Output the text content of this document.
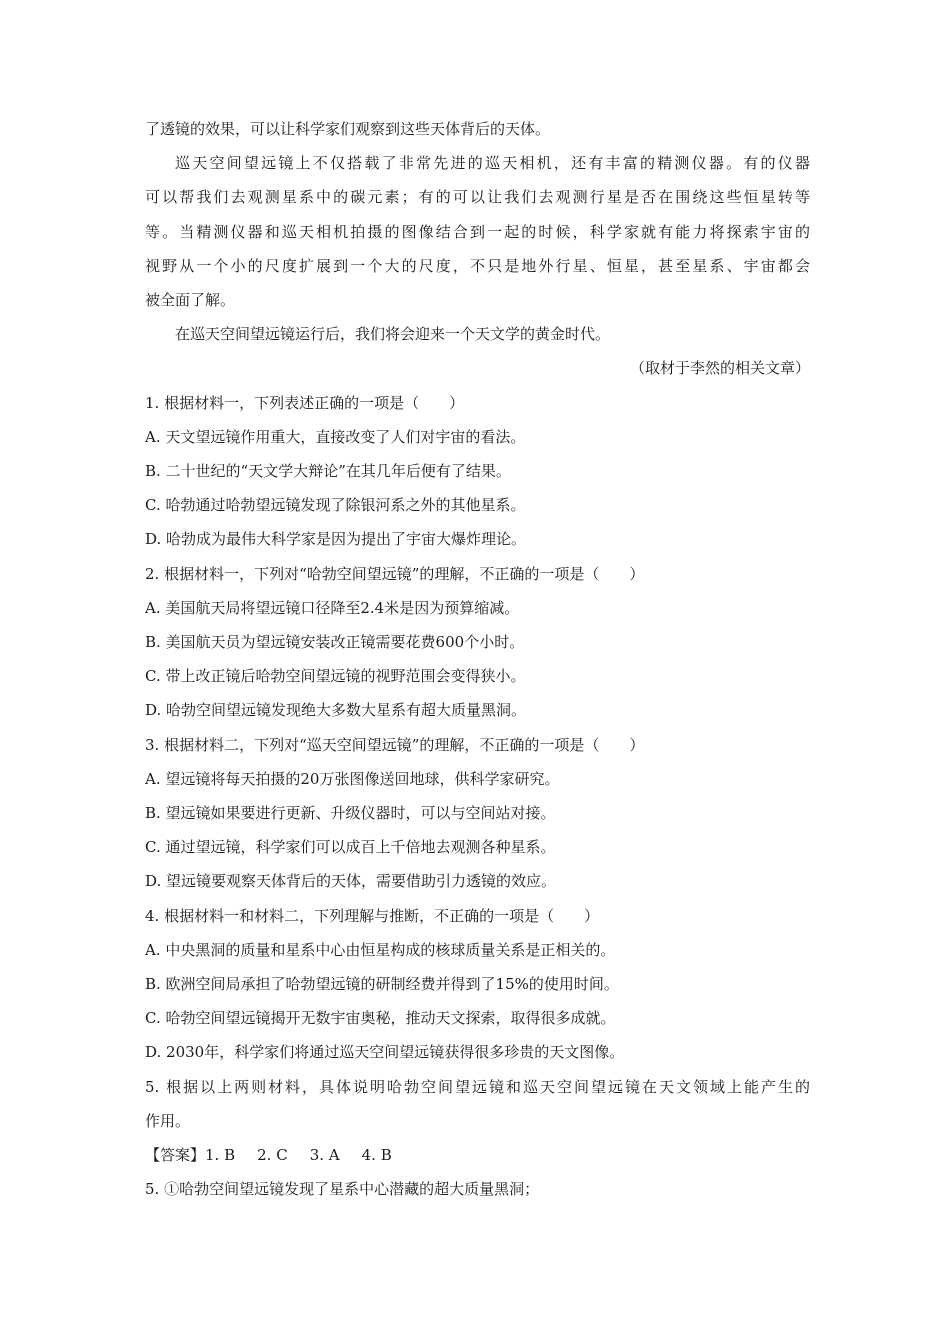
了透镜的效果，可以让科学家们观察到这些天体背后的天体。
巡天空间望远镜上不仅搭载了非常先进的巡天相机，还有丰富的精测仪器。有的仪器
可以帮我们去观测星系中的碳元素；有的可以让我们去观测行星是否在围绕这些恒星转等
等。当精测仪器和巡天相机拍摄的图像结合到一起的时候，科学家就有能力将探索宇宙的
视野从一个小的尺度扩展到一个大的尺度，不只是地外行星、恒星，甚至星系、宇宙都会
被全面了解。
在巡天空间望远镜运行后，我们将会迎来一个天文学的黄金时代。
（取材于李然的相关文章）
1. 根据材料一，下列表述正确的一项是（　　）
A. 天文望远镜作用重大，直接改变了人们对宇宙的看法。
B. 二十世纪的“天文学大辩论”在其几年后便有了结果。
C. 哈勃通过哈勃望远镜发现了除银河系之外的其他星系。
D. 哈勃成为最伟大科学家是因为提出了宇宙大爆炸理论。
2. 根据材料一，下列对“哈勃空间望远镜”的理解，不正确的一项是（　　）
A. 美国航天局将望远镜口径降至2.4米是因为预算缩减。
B. 美国航天员为望远镜安装改正镜需要花费600个小时。
C. 带上改正镜后哈勃空间望远镜的视野范围会变得狭小。
D. 哈勃空间望远镜发现绝大多数大星系有超大质量黑洞。
3. 根据材料二，下列对“巡天空间望远镜”的理解，不正确的一项是（　　）
A. 望远镜将每天拍摄的20万张图像送回地球，供科学家研究。
B. 望远镜如果要进行更新、升级仪器时，可以与空间站对接。
C. 通过望远镜，科学家们可以成百上千倍地去观测各种星系。
D. 望远镜要观察天体背后的天体，需要借助引力透镜的效应。
4. 根据材料一和材料二，下列理解与推断，不正确的一项是（　　）
A. 中央黑洞的质量和星系中心由恒星构成的核球质量关系是正相关的。
B. 欧洲空间局承担了哈勃望远镜的研制经费并得到了15%的使用时间。
C. 哈勃空间望远镜揭开无数宇宙奥秘，推动天文探索，取得很多成就。
D. 2030年，科学家们将通过巡天空间望远镜获得很多珍贵的天文图像。
5. 根据以上两则材料，具体说明哈勃空间望远镜和巡天空间望远镜在天文领域上能产生的
作用。
【答案】1. B 2. C 3. A 4. B
5. ①哈勃空间望远镜发现了星系中心潜藏的超大质量黑洞；
